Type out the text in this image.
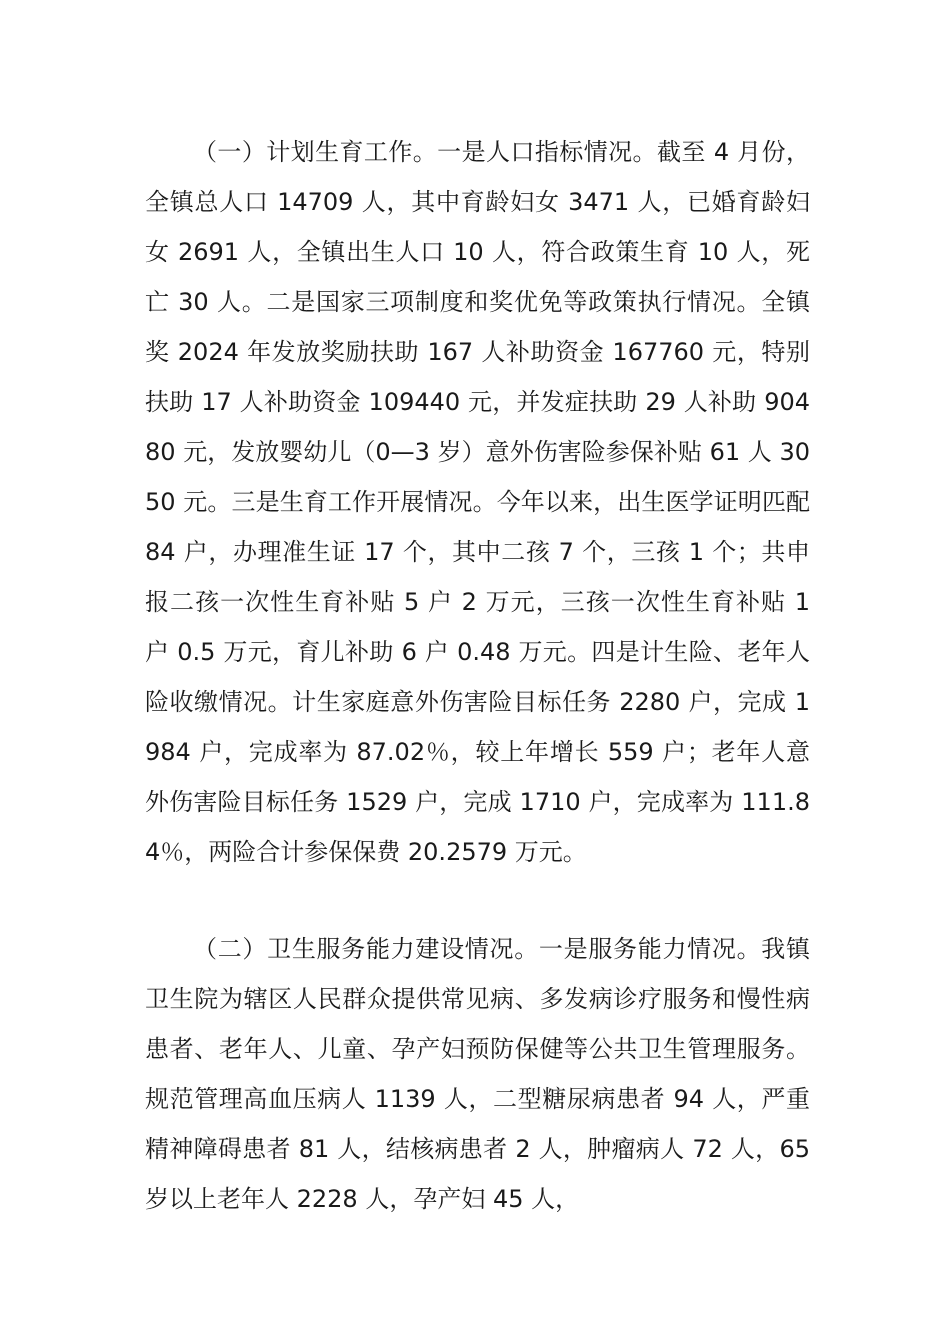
（一）计划生育工作。一是人口指标情况。截至 4 月份，全镇总人口 14709 人，其中育龄妇女 3471 人，已婚育龄妇女 2691 人，全镇出生人口 10 人，符合政策生育 10 人，死亡 30 人。二是国家三项制度和奖优免等政策执行情况。全镇奖 2024 年发放奖励扶助 167 人补助资金 167760 元，特别扶助 17 人补助资金 109440 元，并发症扶助 29 人补助 90480 元，发放婴幼儿（0—3 岁）意外伤害险参保补贴 61 人 3050 元。三是生育工作开展情况。今年以来，出生医学证明匹配 84 户，办理准生证 17 个，其中二孩 7 个，三孩 1 个；共申报二孩一次性生育补贴 5 户 2 万元，三孩一次性生育补贴 1 户 0.5 万元，育儿补助 6 户 0.48 万元。四是计生险、老年人险收缴情况。计生家庭意外伤害险目标任务 2280 户，完成 1984 户，完成率为 87.02％，较上年增长 559 户；老年人意外伤害险目标任务 1529 户，完成 1710 户，完成率为 111.84％，两险合计参保保费 20.2579 万元。

（二）卫生服务能力建设情况。一是服务能力情况。我镇卫生院为辖区人民群众提供常见病、多发病诊疗服务和慢性病患者、老年人、儿童、孕产妇预防保健等公共卫生管理服务。规范管理高血压病人 1139 人，二型糖尿病患者 94 人，严重精神障碍患者 81 人，结核病患者 2 人，肿瘤病人 72 人，65 岁以上老年人 2228 人，孕产妇 45 人，
